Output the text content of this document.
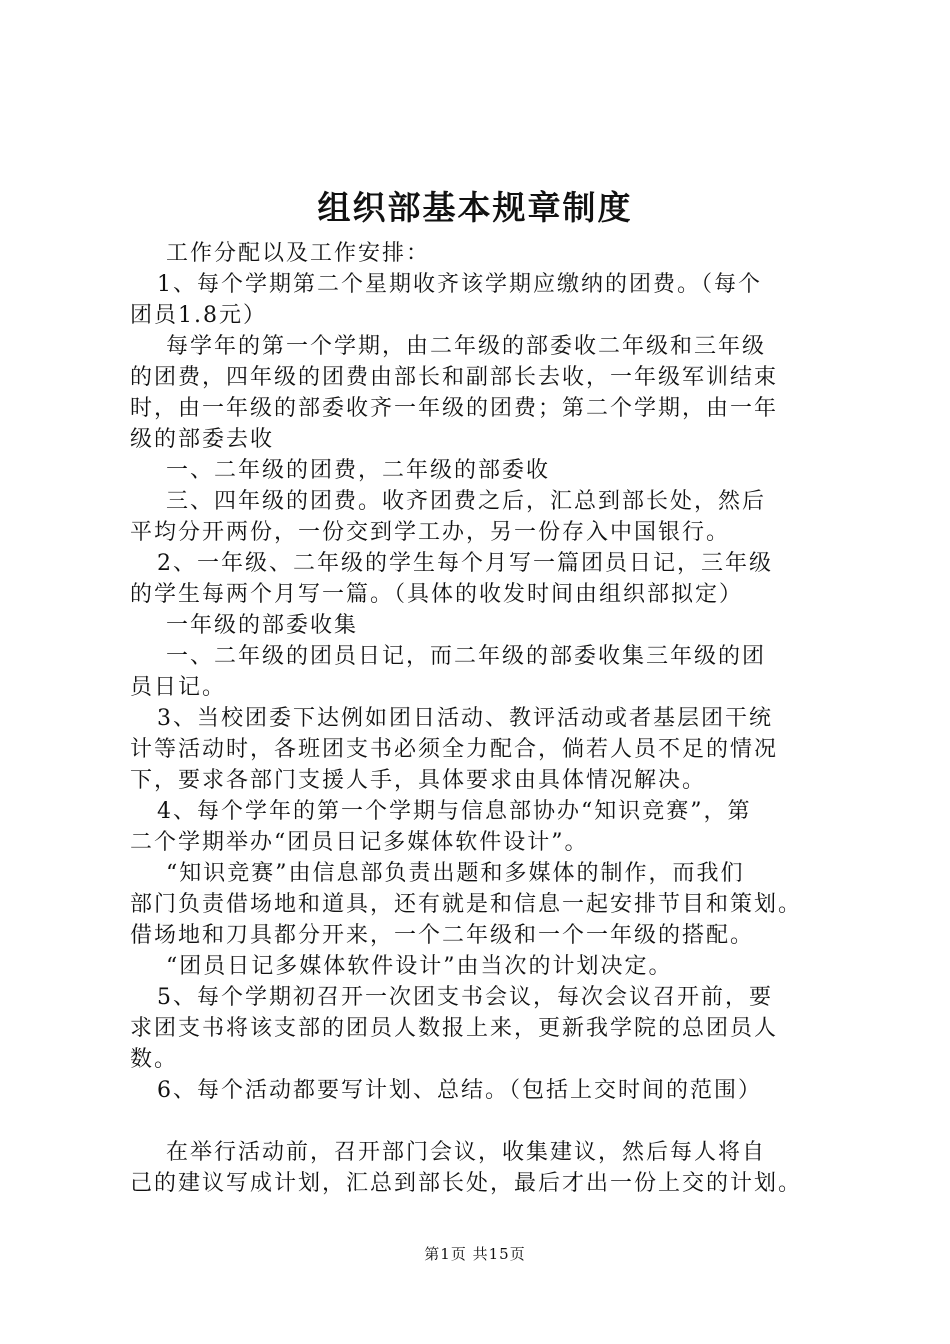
组织部基本规章制度
工作分配以及工作安排：
1、每个学期第二个星期收齐该学期应缴纳的团费。（每个
团员1.8元）
每学年的第一个学期，由二年级的部委收二年级和三年级
的团费，四年级的团费由部长和副部长去收，一年级军训结束
时，由一年级的部委收齐一年级的团费；第二个学期，由一年
级的部委去收
一、二年级的团费，二年级的部委收
三、四年级的团费。收齐团费之后，汇总到部长处，然后
平均分开两份，一份交到学工办，另一份存入中国银行。
2、一年级、二年级的学生每个月写一篇团员日记，三年级
的学生每两个月写一篇。（具体的收发时间由组织部拟定）
一年级的部委收集
一、二年级的团员日记，而二年级的部委收集三年级的团
员日记。
3、当校团委下达例如团日活动、教评活动或者基层团干统
计等活动时，各班团支书必须全力配合，倘若人员不足的情况
下，要求各部门支援人手，具体要求由具体情况解决。
4、每个学年的第一个学期与信息部协办“知识竞赛”，第
二个学期举办“团员日记多媒体软件设计”。
“知识竞赛”由信息部负责出题和多媒体的制作，而我们
部门负责借场地和道具，还有就是和信息一起安排节目和策划。
借场地和刀具都分开来，一个二年级和一个一年级的搭配。
“团员日记多媒体软件设计”由当次的计划决定。
5、每个学期初召开一次团支书会议，每次会议召开前，要
求团支书将该支部的团员人数报上来，更新我学院的总团员人
数。
6、每个活动都要写计划、总结。（包括上交时间的范围）
在举行活动前，召开部门会议，收集建议，然后每人将自
己的建议写成计划，汇总到部长处，最后才出一份上交的计划。
第1页 共15页
